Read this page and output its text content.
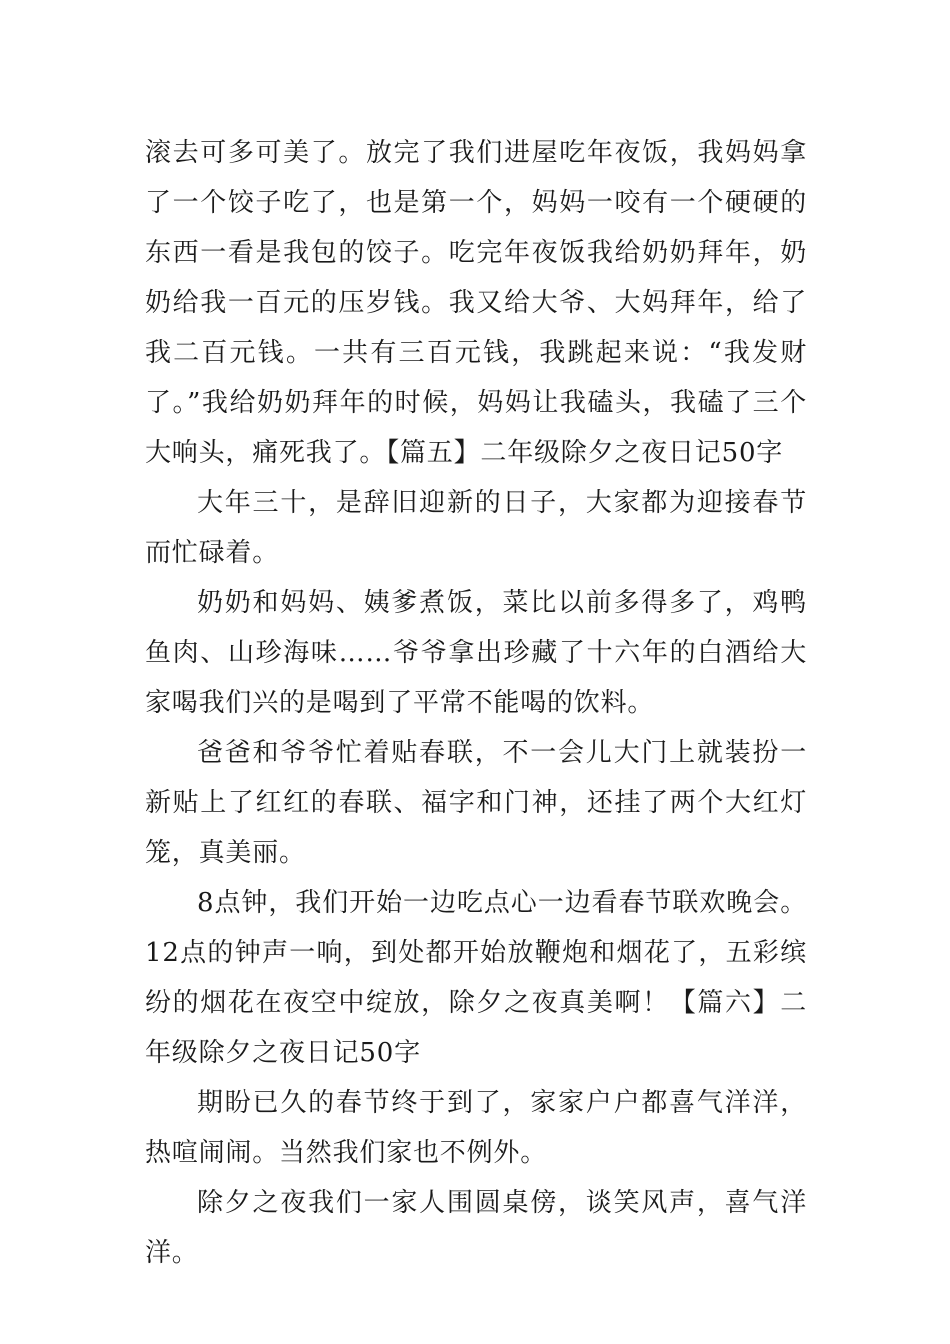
滚去可多可美了。放完了我们进屋吃年夜饭，我妈妈拿了一个饺子吃了，也是第一个，妈妈一咬有一个硬硬的东西一看是我包的饺子。吃完年夜饭我给奶奶拜年，奶奶给我一百元的压岁钱。我又给大爷、大妈拜年，给了我二百元钱。一共有三百元钱，我跳起来说：“我发财了。”我给奶奶拜年的时候，妈妈让我磕头，我磕了三个大响头，痛死我了。【篇五】二年级除夕之夜日记50字

大年三十，是辞旧迎新的日子，大家都为迎接春节而忙碌着。

奶奶和妈妈、姨爹煮饭，菜比以前多得多了，鸡鸭鱼肉、山珍海味……爷爷拿出珍藏了十六年的白酒给大家喝我们兴的是喝到了平常不能喝的饮料。

爸爸和爷爷忙着贴春联，不一会儿大门上就装扮一新贴上了红红的春联、福字和门神，还挂了两个大红灯笼，真美丽。

8点钟，我们开始一边吃点心一边看春节联欢晚会。12点的钟声一响，到处都开始放鞭炮和烟花了，五彩缤纷的烟花在夜空中绽放，除夕之夜真美啊！【篇六】二年级除夕之夜日记50字

期盼已久的春节终于到了，家家户户都喜气洋洋，热喧闹闹。当然我们家也不例外。

除夕之夜我们一家人围圆桌傍，谈笑风声，喜气洋洋。
